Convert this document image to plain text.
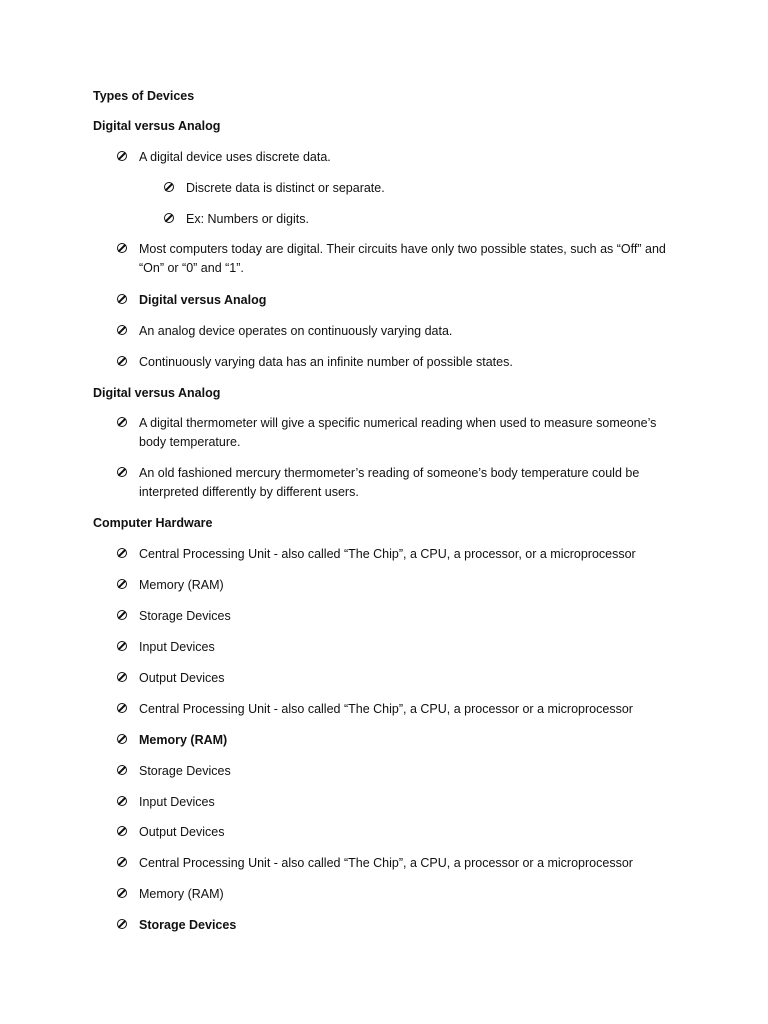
Types of Devices
Digital versus Analog
A digital device uses discrete data.
Discrete data is distinct or separate.
Ex: Numbers or digits.
Most computers today are digital. Their circuits have only two possible states, such as “Off” and “On” or “0” and “1”.
Digital versus Analog
An analog device operates on continuously varying data.
Continuously varying data has an infinite number of possible states.
Digital versus Analog
A digital thermometer will give a specific numerical reading when used to measure someone’s body temperature.
An old fashioned mercury thermometer’s reading of someone’s body temperature could be interpreted differently by different users.
Computer Hardware
Central Processing Unit - also called “The Chip”, a CPU, a processor, or a microprocessor
Memory (RAM)
Storage Devices
Input Devices
Output Devices
Central Processing Unit - also called “The Chip”, a CPU, a processor or a microprocessor
Memory (RAM)
Storage Devices
Input Devices
Output Devices
Central Processing Unit - also called “The Chip”, a CPU, a processor or a microprocessor
Memory (RAM)
Storage Devices
